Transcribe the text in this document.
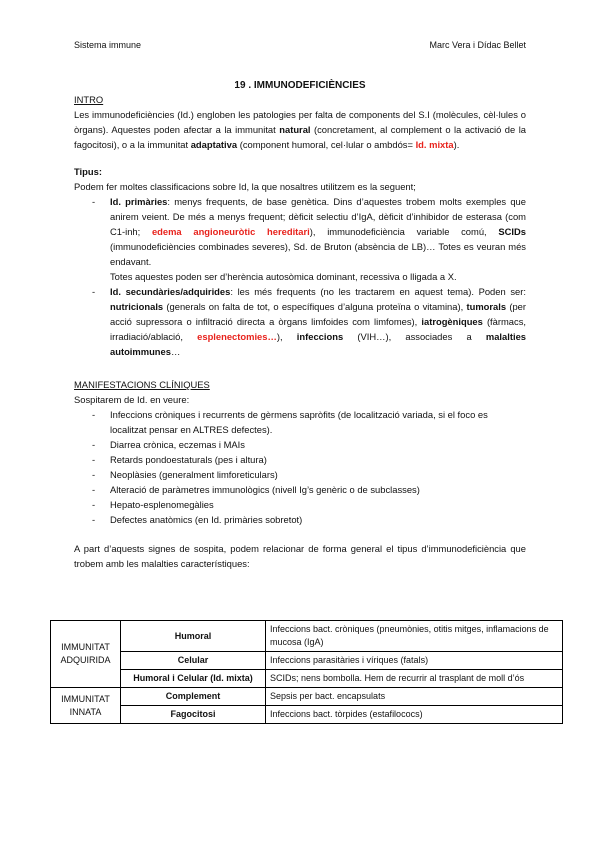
Sistema immune	Marc Vera i Dídac Bellet
19 . IMMUNODEFICIÈNCIES

INTRO

Les immunodeficiències (Id.) engloben les patologies per falta de components del S.I (molècules, cèl·lules o òrgans). Aquestes poden afectar a la immunitat natural (concretament, al complement o la activació de la fagocitosi), o a la immunitat adaptativa (component humoral, cel·lular o ambdós= Id. mixta).

Tipus:

Podem fer moltes classificacions sobre Id, la que nosaltres utilitzem es la seguent;

- Id. primàries: menys frequents, de base genètica. Dins d’aquestes trobem molts exemples que anirem veient. De més a menys frequent; dèficit selectiu d’IgA, dèficit d’inhibidor de esterasa (com C1-inh; edema angioneuròtic hereditari), immunodeficiència variable comú, SCIDs (immunodeficiències combinades severes), Sd. de Bruton (absència de LB)… Totes es veuran més endavant.

Totes aquestes poden ser d’herència autosòmica dominant, recessiva o lligada a X.

- Id. secundàries/adquirides: les més frequents (no les tractarem en aquest tema). Poden ser: nutricionals (generals on falta de tot, o específiques d’alguna proteïna o vitamina), tumorals (per acció supressora o infiltració directa a òrgans limfoides com limfomes), iatrogèniques (fàrmacs, irradiació/ablació, esplenectomies…), infeccions (VIH…), associades a malalties autoimmunes…

MANIFESTACIONS CLÍNIQUES

Sospitarem de Id. en veure:

- Infeccions cròniques i recurrents de gèrmens sapròfits (de localització variada, si el foco es localitzat pensar en ALTRES defectes).
- Diarrea crònica, eczemas i MAIs
- Retards pondoestaturals (pes i altura)
- Neoplàsies (generalment limforeticulars)
- Alteració de paràmetres immunològics (nivell Ig’s genèric o de subclasses)
- Hepato-esplenomegàlies
- Defectes anatòmics (en Id. primàries sobretot)

A part d’aquests signes de sospita, podem relacionar de forma general el tipus d’immunodeficiència que trobem amb les malalties característiques:

IMMUNITAT ADQUIRIDA	Humoral	Infeccions bact. cròniques (pneumònies, otitis mitges, inflamacions de mucosa (IgA)
	Celular	Infeccions parasitàries i víriques (fatals)
	Humoral i Celular (Id. mixta)	SCIDs; nens bombolla. Hem de recurrir al trasplant de moll d’ós
IMMUNITAT INNATA	Complement	Sepsis per bact. encapsulats
	Fagocitosi	Infeccions bact. tòrpides (estafilococs)
